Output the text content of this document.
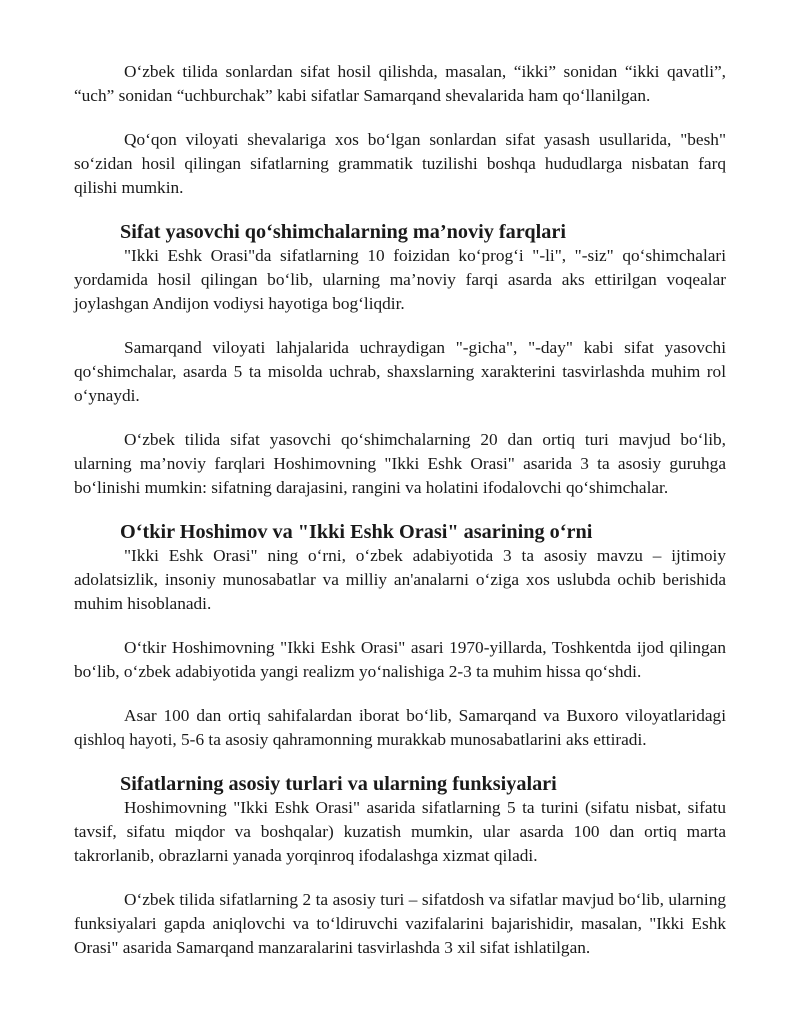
O‘zbek tilida sonlardan sifat hosil qilishda, masalan, “ikki” sonidan “ikki qavatli”, “uch” sonidan “uchburchak” kabi sifatlar Samarqand shevalarida ham qo‘llanilgan.

Qo‘qon viloyati shevalariga xos bo‘lgan sonlardan sifat yasash usullarida, "besh" so‘zidan hosil qilingan sifatlarning grammatik tuzilishi boshqa hududlarga nisbatan farq qilishi mumkin.

Sifat yasovchi qo‘shimchalarning ma’noviy farqlari

"Ikki Eshk Orasi"da sifatlarning 10 foizidan ko‘prog‘i "-li", "-siz" qo‘shimchalari yordamida hosil qilingan bo‘lib, ularning ma’noviy farqi asarda aks ettirilgan voqealar joylashgan Andijon vodiysi hayotiga bog‘liqdir.

Samarqand viloyati lahjalarida uchraydigan "-gicha", "-day" kabi sifat yasovchi qo‘shimchalar, asarda 5 ta misolda uchrab, shaxslarning xarakterini tasvirlashda muhim rol o‘ynaydi.

O‘zbek tilida sifat yasovchi qo‘shimchalarning 20 dan ortiq turi mavjud bo‘lib, ularning ma’noviy farqlari Hoshimovning "Ikki Eshk Orasi" asarida 3 ta asosiy guruhga bo‘linishi mumkin: sifatning darajasini, rangini va holatini ifodalovchi qo‘shimchalar.

O‘tkir Hoshimov va "Ikki Eshk Orasi" asarining o‘rni

"Ikki Eshk Orasi" ning o‘rni, o‘zbek adabiyotida 3 ta asosiy mavzu – ijtimoiy adolatsizlik, insoniy munosabatlar va milliy an'analarni o‘ziga xos uslubda ochib berishida muhim hisoblanadi.

O‘tkir Hoshimovning "Ikki Eshk Orasi" asari 1970-yillarda, Toshkentda ijod qilingan bo‘lib, o‘zbek adabiyotida yangi realizm yo‘nalishiga 2-3 ta muhim hissa qo‘shdi.

Asar 100 dan ortiq sahifalardan iborat bo‘lib, Samarqand va Buxoro viloyatlaridagi qishloq hayoti, 5-6 ta asosiy qahramonning murakkab munosabatlarini aks ettiradi.

Sifatlarning asosiy turlari va ularning funksiyalari

Hoshimovning "Ikki Eshk Orasi" asarida sifatlarning 5 ta turini (sifatu nisbat, sifatu tavsif, sifatu miqdor va boshqalar) kuzatish mumkin, ular asarda 100 dan ortiq marta takrorlanib, obrazlarni yanada yorqinroq ifodalashga xizmat qiladi.

O‘zbek tilida sifatlarning 2 ta asosiy turi – sifatdosh va sifatlar mavjud bo‘lib, ularning funksiyalari gapda aniqlovchi va to‘ldiruvchi vazifalarini bajarishidir, masalan, "Ikki Eshk Orasi" asarida Samarqand manzaralarini tasvirlashda 3 xil sifat ishlatilgan.
